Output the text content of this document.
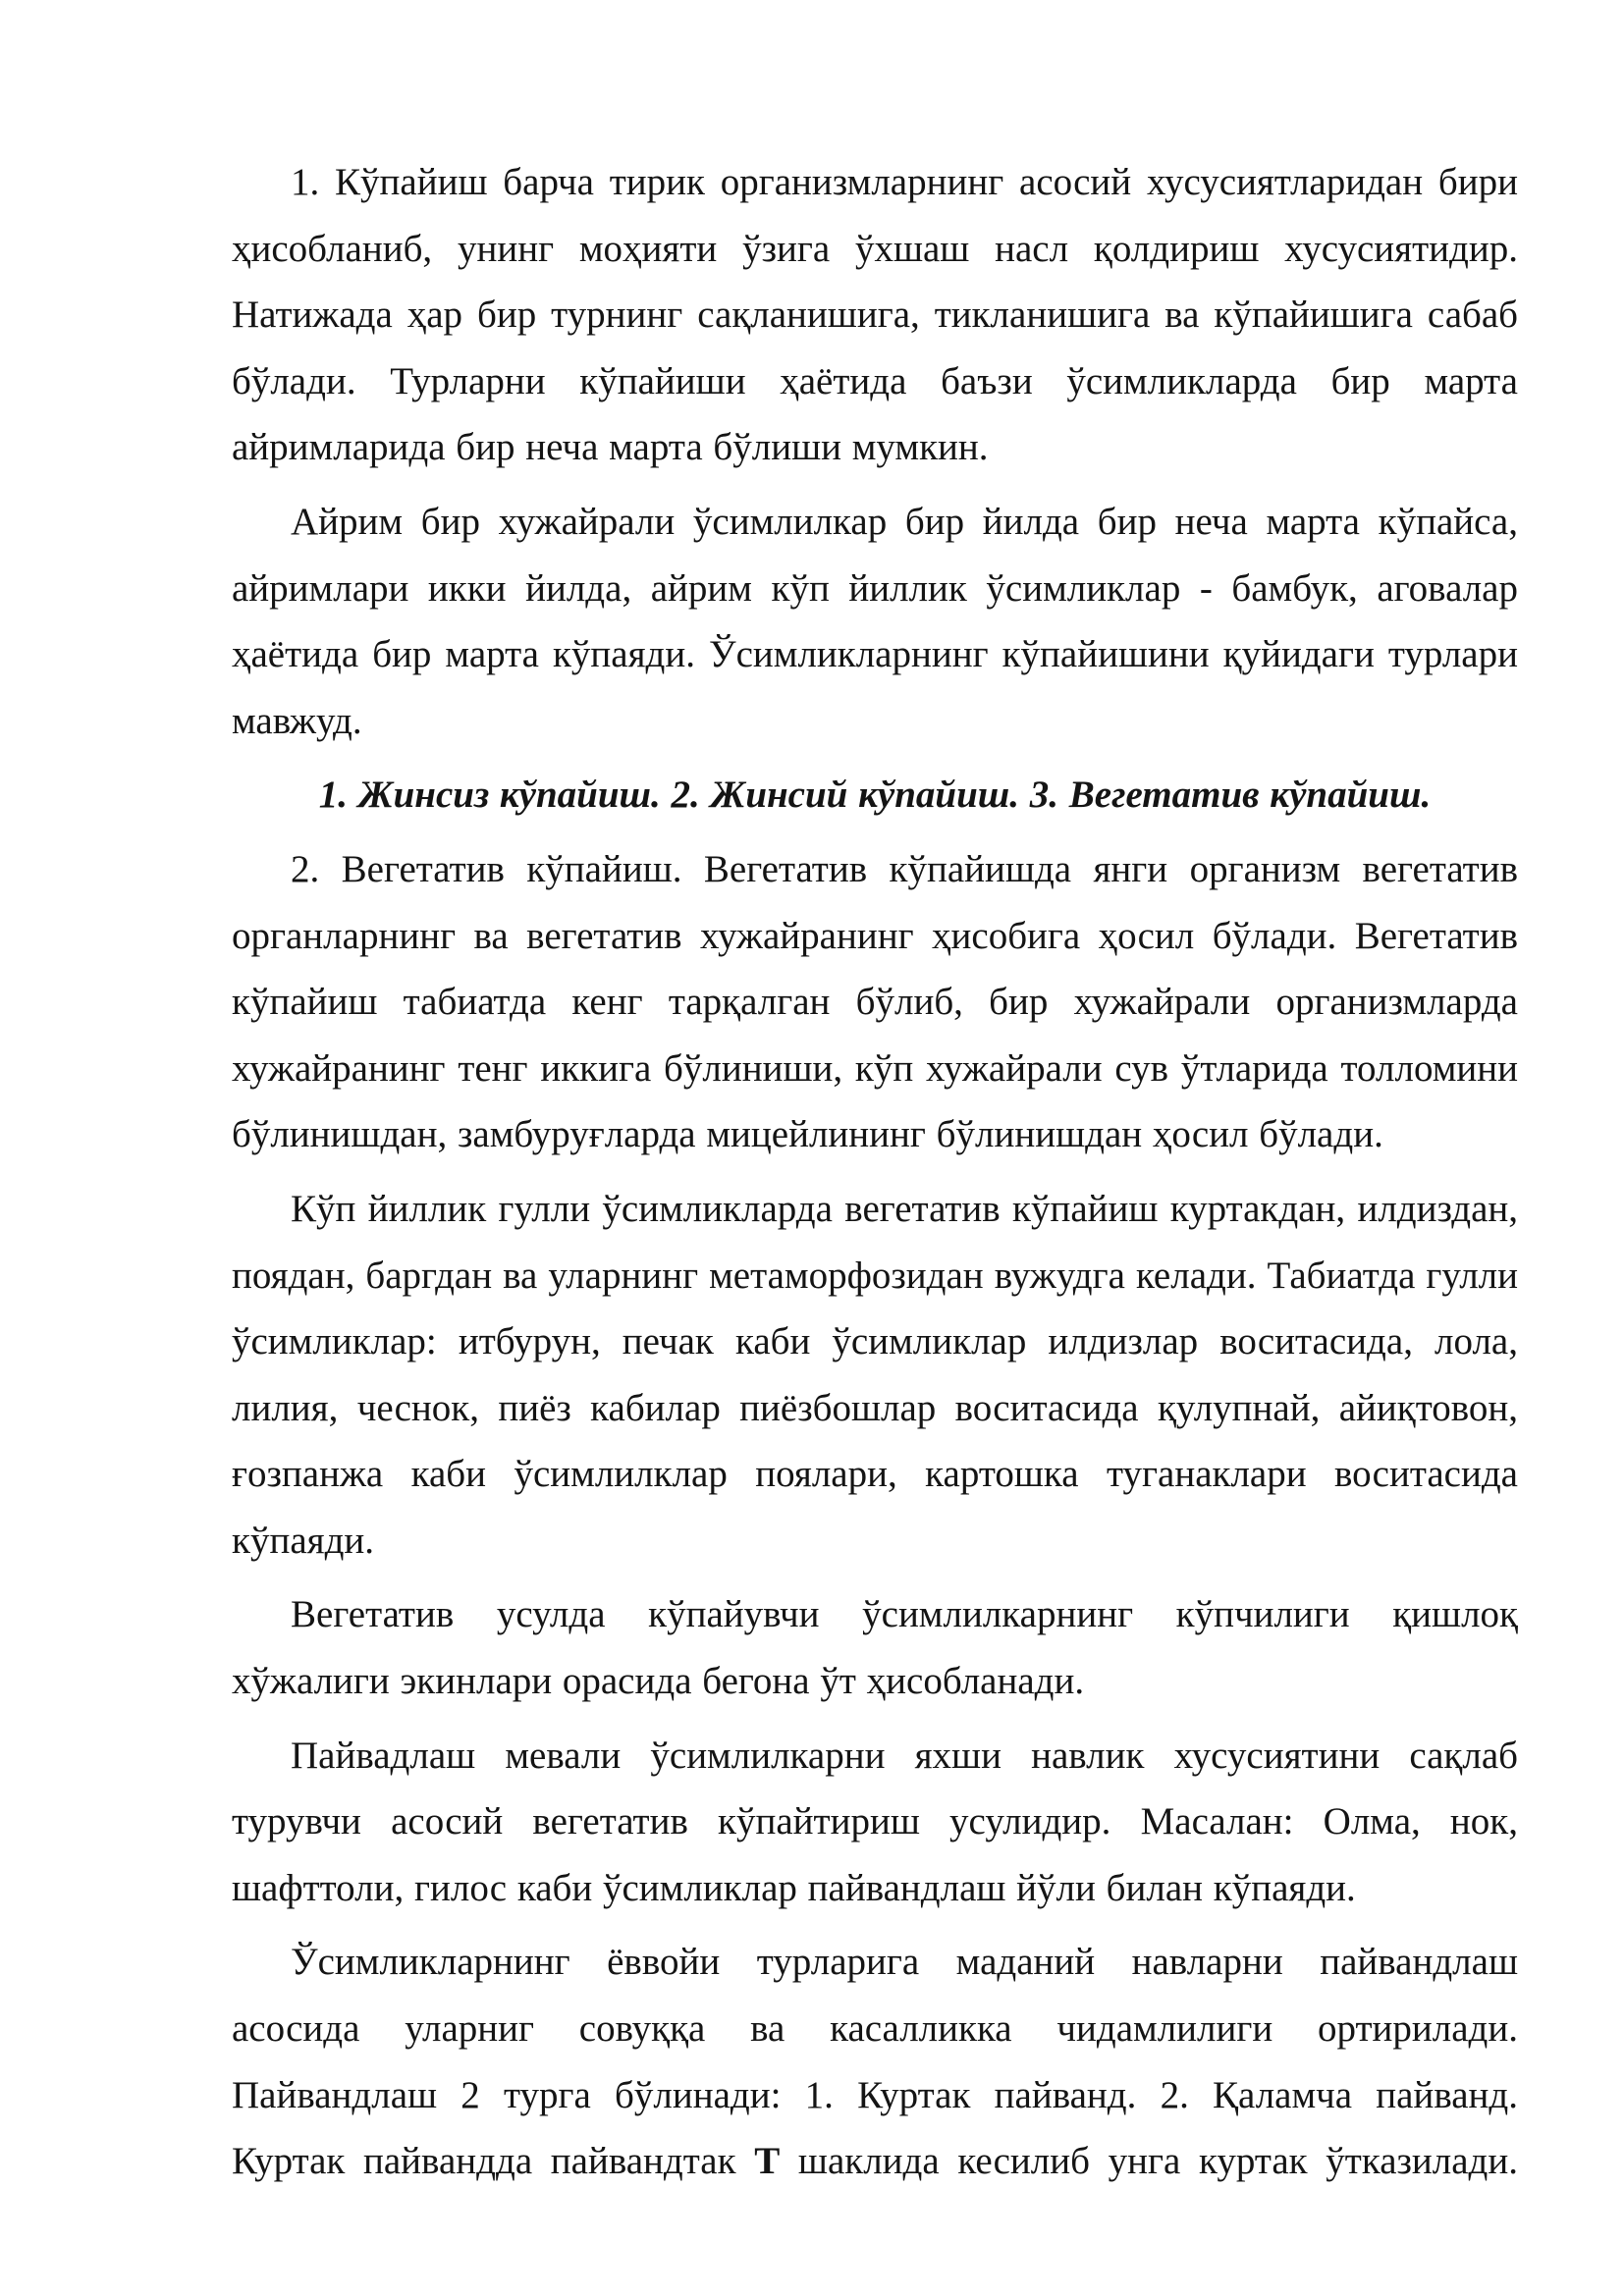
1. Кўпайиш барча тирик организмларнинг асосий хусусиятларидан бири ҳисобланиб, унинг моҳияти ўзига ўхшаш насл қолдириш хусусиятидир. Натижада ҳар бир турнинг сақланишига, тикланишига ва кўпайишига сабаб бўлади. Турларни кўпайиши ҳаётида баъзи ўсимликларда бир марта айримларида бир неча марта бўлиши мумкин.

Айрим бир хужайрали ўсимлилкар бир йилда бир неча марта кўпайса, айримлари икки йилда, айрим кўп йиллик ўсимликлар - бамбук, аговалар ҳаётида бир марта кўпаяди. Ўсимликларнинг кўпайишини қуйидаги турлари мавжуд.

1. Жинсиз кўпайиш. 2. Жинсий кўпайиш. 3. Вегетатив кўпайиш.

2. Вегетатив кўпайиш. Вегетатив кўпайишда янги организм вегетатив органларнинг ва вегетатив хужайранинг ҳисобига ҳосил бўлади. Вегетатив кўпайиш табиатда кенг тарқалган бўлиб, бир хужайрали организмларда хужайранинг тенг иккига бўлиниши, кўп хужайрали сув ўтларида толломини бўлинишдан, замбуруғларда мицейлининг бўлинишдан ҳосил бўлади.

Кўп йиллик гулли ўсимликларда вегетатив кўпайиш куртакдан, илдиздан, поядан, баргдан ва уларнинг метаморфозидан вужудга келади. Табиатда гулли ўсимликлар: итбурун, печак каби ўсимликлар илдизлар воситасида, лола, лилия, чеснок, пиёз кабилар пиёзбошлар воситасида қулупнай, айиқтовон, ғозпанжа каби ўсимлилклар поялари, картошка туганаклари воситасида кўпаяди.

Вегетатив усулда кўпайувчи ўсимлилкарнинг кўпчилиги қишлоқ хўжалиги экинлари орасида бегона ўт ҳисобланади.

Пайвадлаш мевали ўсимлилкарни яхши навлик хусусиятини сақлаб турувчи асосий вегетатив кўпайтириш усулидир. Масалан: Олма, нок, шафттоли, гилос каби ўсимликлар пайвандлаш йўли билан кўпаяди.

Ўсимликларнинг ёввойи турларига маданий навларни пайвандлаш асосида уларниг совуққа ва касалликка чидамлилиги ортирилади. Пайвандлаш 2 турга бўлинади: 1. Куртак пайванд. 2. Қаламча пайванд. Куртак пайвандда пайвандтак Т шаклида кесилиб унга куртак ўтказилади.
